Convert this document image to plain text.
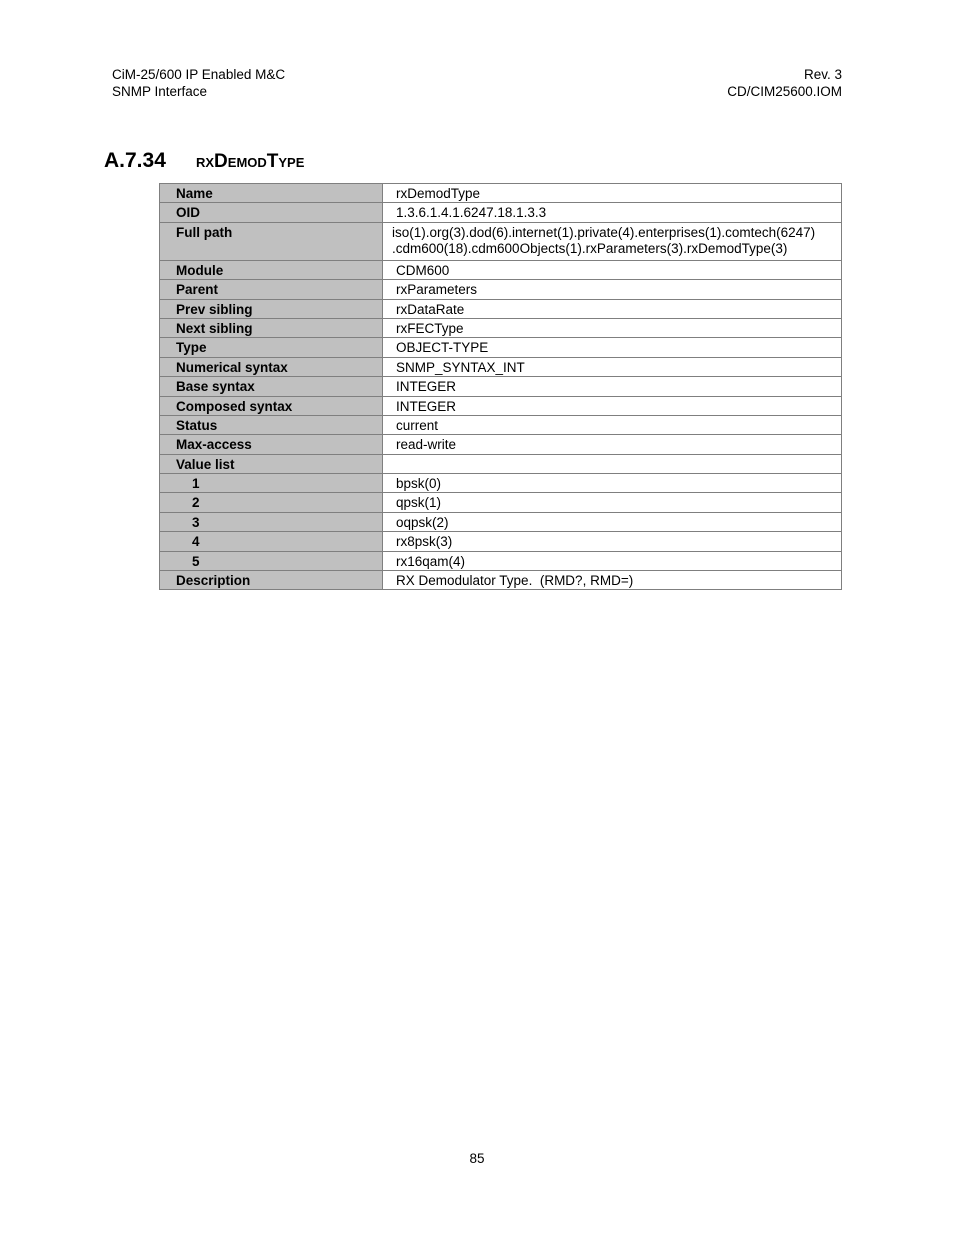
CiM-25/600 IP Enabled M&C
SNMP Interface
Rev. 3
CD/CIM25600.IOM
A.7.34 rxDemodType
Name	rxDemodType
OID	1.3.6.1.4.1.6247.18.1.3.3
Full path	iso(1).org(3).dod(6).internet(1).private(4).enterprises(1).comtech(6247)
.cdm600(18).cdm600Objects(1).rxParameters(3).rxDemodType(3)

Module	CDM600
Parent	rxParameters
Prev sibling	rxDataRate
Next sibling	rxFECType
Type	OBJECT-TYPE
Numerical syntax	SNMP_SYNTAX_INT
Base syntax	INTEGER
Composed syntax	INTEGER
Status	current
Max-access	read-write
Value list	
1	bpsk(0)
2	qpsk(1)
3	oqpsk(2)
4	rx8psk(3)
5	rx16qam(4)
Description	RX Demodulator Type.  (RMD?, RMD=)
85
